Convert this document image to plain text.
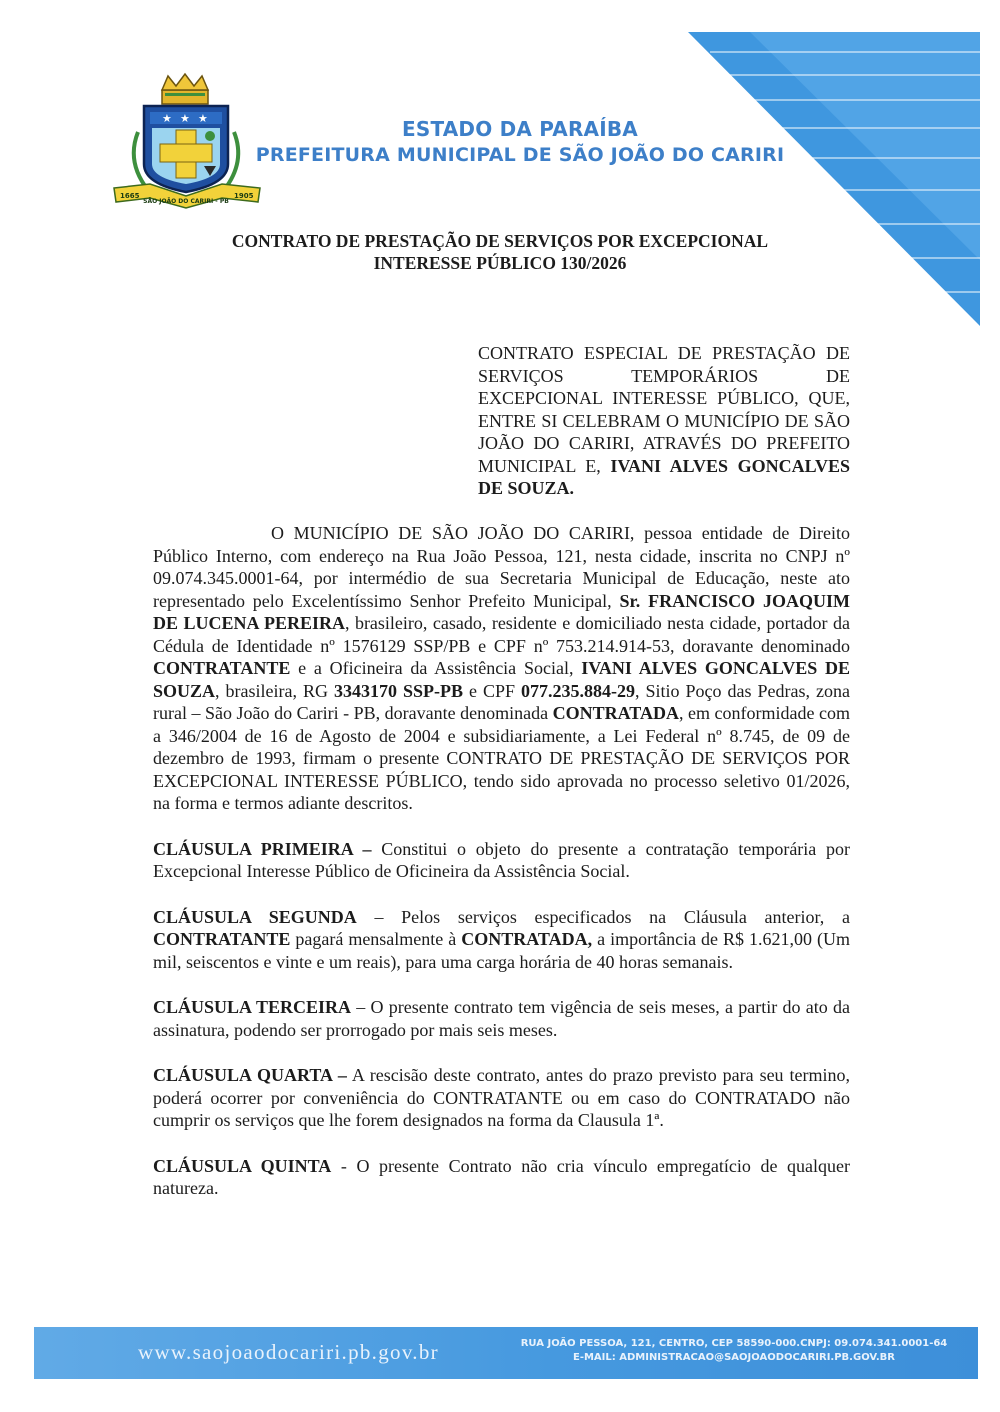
★ ★ ★
1665
SÃO JOÃO DO CARIRI - PB
1905
ESTADO DA PARAÍBA
PREFEITURA MUNICIPAL DE SÃO JOÃO DO CARIRI
CONTRATO DE PRESTAÇÃO DE SERVIÇOS POR EXCEPCIONAL
INTERESSE PÚBLICO 130/2026
CONTRATO ESPECIAL DE PRESTAÇÃO DE SERVIÇOS TEMPORÁRIOS DE EXCEPCIONAL INTERESSE PÚBLICO, QUE, ENTRE SI CELEBRAM O MUNICÍPIO DE SÃO JOÃO DO CARIRI, ATRAVÉS DO PREFEITO MUNICIPAL E, IVANI ALVES GONCALVES DE SOUZA.

O MUNICÍPIO DE SÃO JOÃO DO CARIRI, pessoa entidade de Direito Público Interno, com endereço na Rua João Pessoa, 121, nesta cidade, inscrita no CNPJ nº 09.074.345.0001-64, por intermédio de sua Secretaria Municipal de Educação, neste ato representado pelo Excelentíssimo Senhor Prefeito Municipal, Sr. FRANCISCO JOAQUIM DE LUCENA PEREIRA, brasileiro, casado, residente e domiciliado nesta cidade, portador da Cédula de Identidade nº 1576129 SSP/PB e CPF nº 753.214.914-53, doravante denominado CONTRATANTE e a Oficineira da Assistência Social, IVANI ALVES GONCALVES DE SOUZA, brasileira, RG 3343170 SSP-PB e CPF 077.235.884-29, Sitio Poço das Pedras, zona rural – São João do Cariri - PB, doravante denominada CONTRATADA, em conformidade com a 346/2004 de 16 de Agosto de 2004 e subsidiariamente, a Lei Federal nº 8.745, de 09 de dezembro de 1993, firmam o presente CONTRATO DE PRESTAÇÃO DE SERVIÇOS POR EXCEPCIONAL INTERESSE PÚBLICO, tendo sido aprovada no processo seletivo 01/2026, na forma e termos adiante descritos.

CLÁUSULA PRIMEIRA – Constitui o objeto do presente a contratação temporária por Excepcional Interesse Público de Oficineira da Assistência Social.

CLÁUSULA SEGUNDA – Pelos serviços especificados na Cláusula anterior, a CONTRATANTE pagará mensalmente à CONTRATADA, a importância de R$ 1.621,00 (Um mil, seiscentos e vinte e um reais), para uma carga horária de 40 horas semanais.

CLÁUSULA TERCEIRA – O presente contrato tem vigência de seis meses, a partir do ato da assinatura, podendo ser prorrogado por mais seis meses.

CLÁUSULA QUARTA – A rescisão deste contrato, antes do prazo previsto para seu termino, poderá ocorrer por conveniência do CONTRATANTE ou em caso do CONTRATADO não cumprir os serviços que lhe forem designados na forma da Clausula 1ª.

CLÁUSULA QUINTA - O presente Contrato não cria vínculo empregatício de qualquer natureza.

www.saojoaodocariri.pb.gov.br	RUA JOÃO PESSOA, 121, CENTRO, CEP 58590-000.CNPJ: 09.074.341.0001-64
E-MAIL: ADMINISTRACAO@SAOJOAODOCARIRI.PB.GOV.BR
